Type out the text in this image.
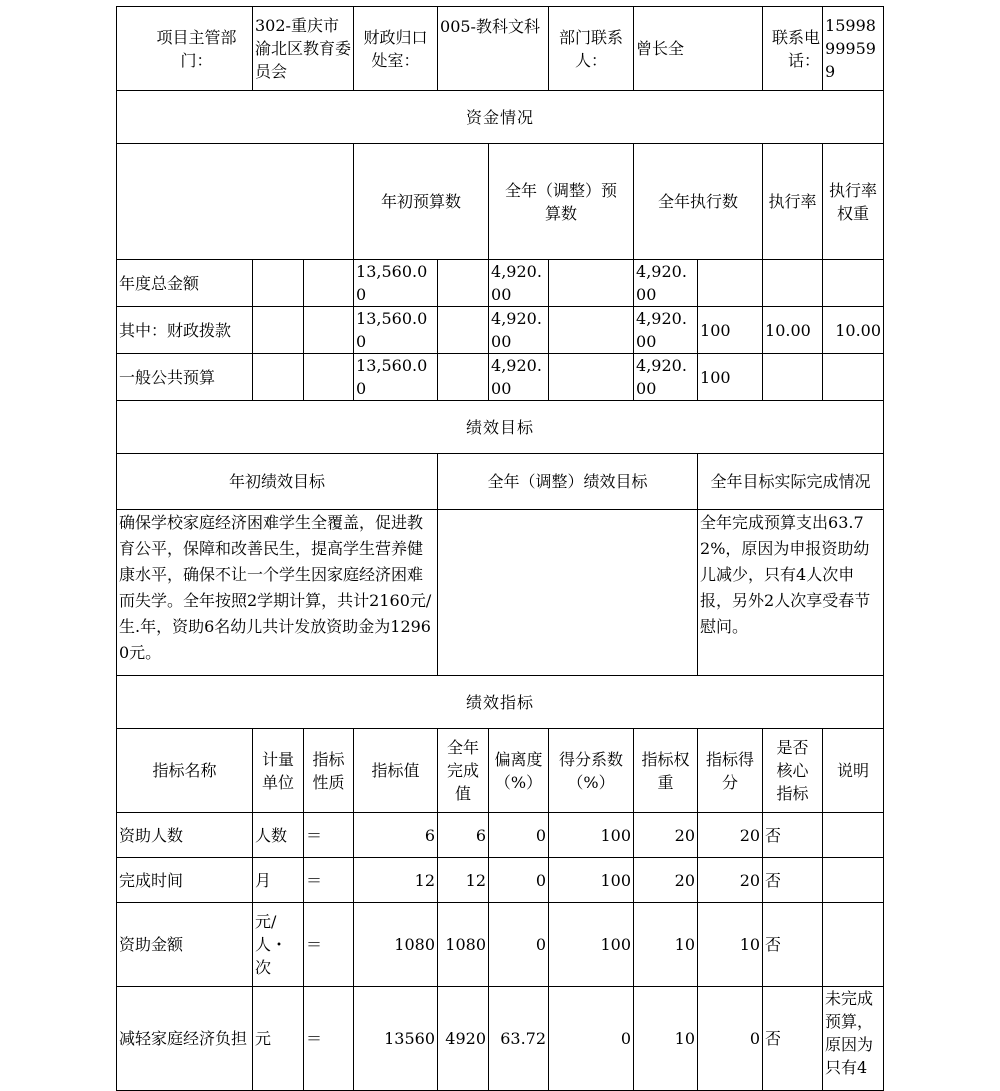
项目主管部门：	302-重庆市渝北区教育委员会		财政归口处室：	005-教科文科		部门联系人：	曾长全		联系电话：	15998999599	
资金情况											
			年初预算数		全年（调整）预算数		全年执行数		执行率	执行率权重	
年度总金额			13,560.00		4,920.00		4,920.00				
其中：财政拨款			13,560.00		4,920.00		4,920.00	100	10.00	10.00	
一般公共预算			13,560.00		4,920.00		4,920.00	100			
绩效目标											
年初绩效目标				全年（调整）绩效目标				全年目标实际完成情况			
确保学校家庭经济困难学生全覆盖，促进教育公平，保障和改善民生，提高学生营养健康水平，确保不让一个学生因家庭经济困难而失学。全年按照2学期计算，共计2160元/生.年，资助6名幼儿共计发放资助金为12960元。								全年完成预算支出63.72%，原因为申报资助幼儿减少，只有4人次申报，另外2人次享受春节慰问。			
绩效指标											
指标名称	计量单位	指标性质	指标值	全年完成值	偏离度（%）	得分系数（%）	指标权重	指标得分	是否核心指标	说明	
资助人数	人数	＝	6	6	0	100	20	20	否		
完成时间	月	＝	12	12	0	100	20	20	否		
资助金额	元/人・次	＝	1080	1080	0	100	10	10	否		
减轻家庭经济负担	元	＝	13560	4920	63.72	0	10	0	否	未完成预算，原因为只有4	
